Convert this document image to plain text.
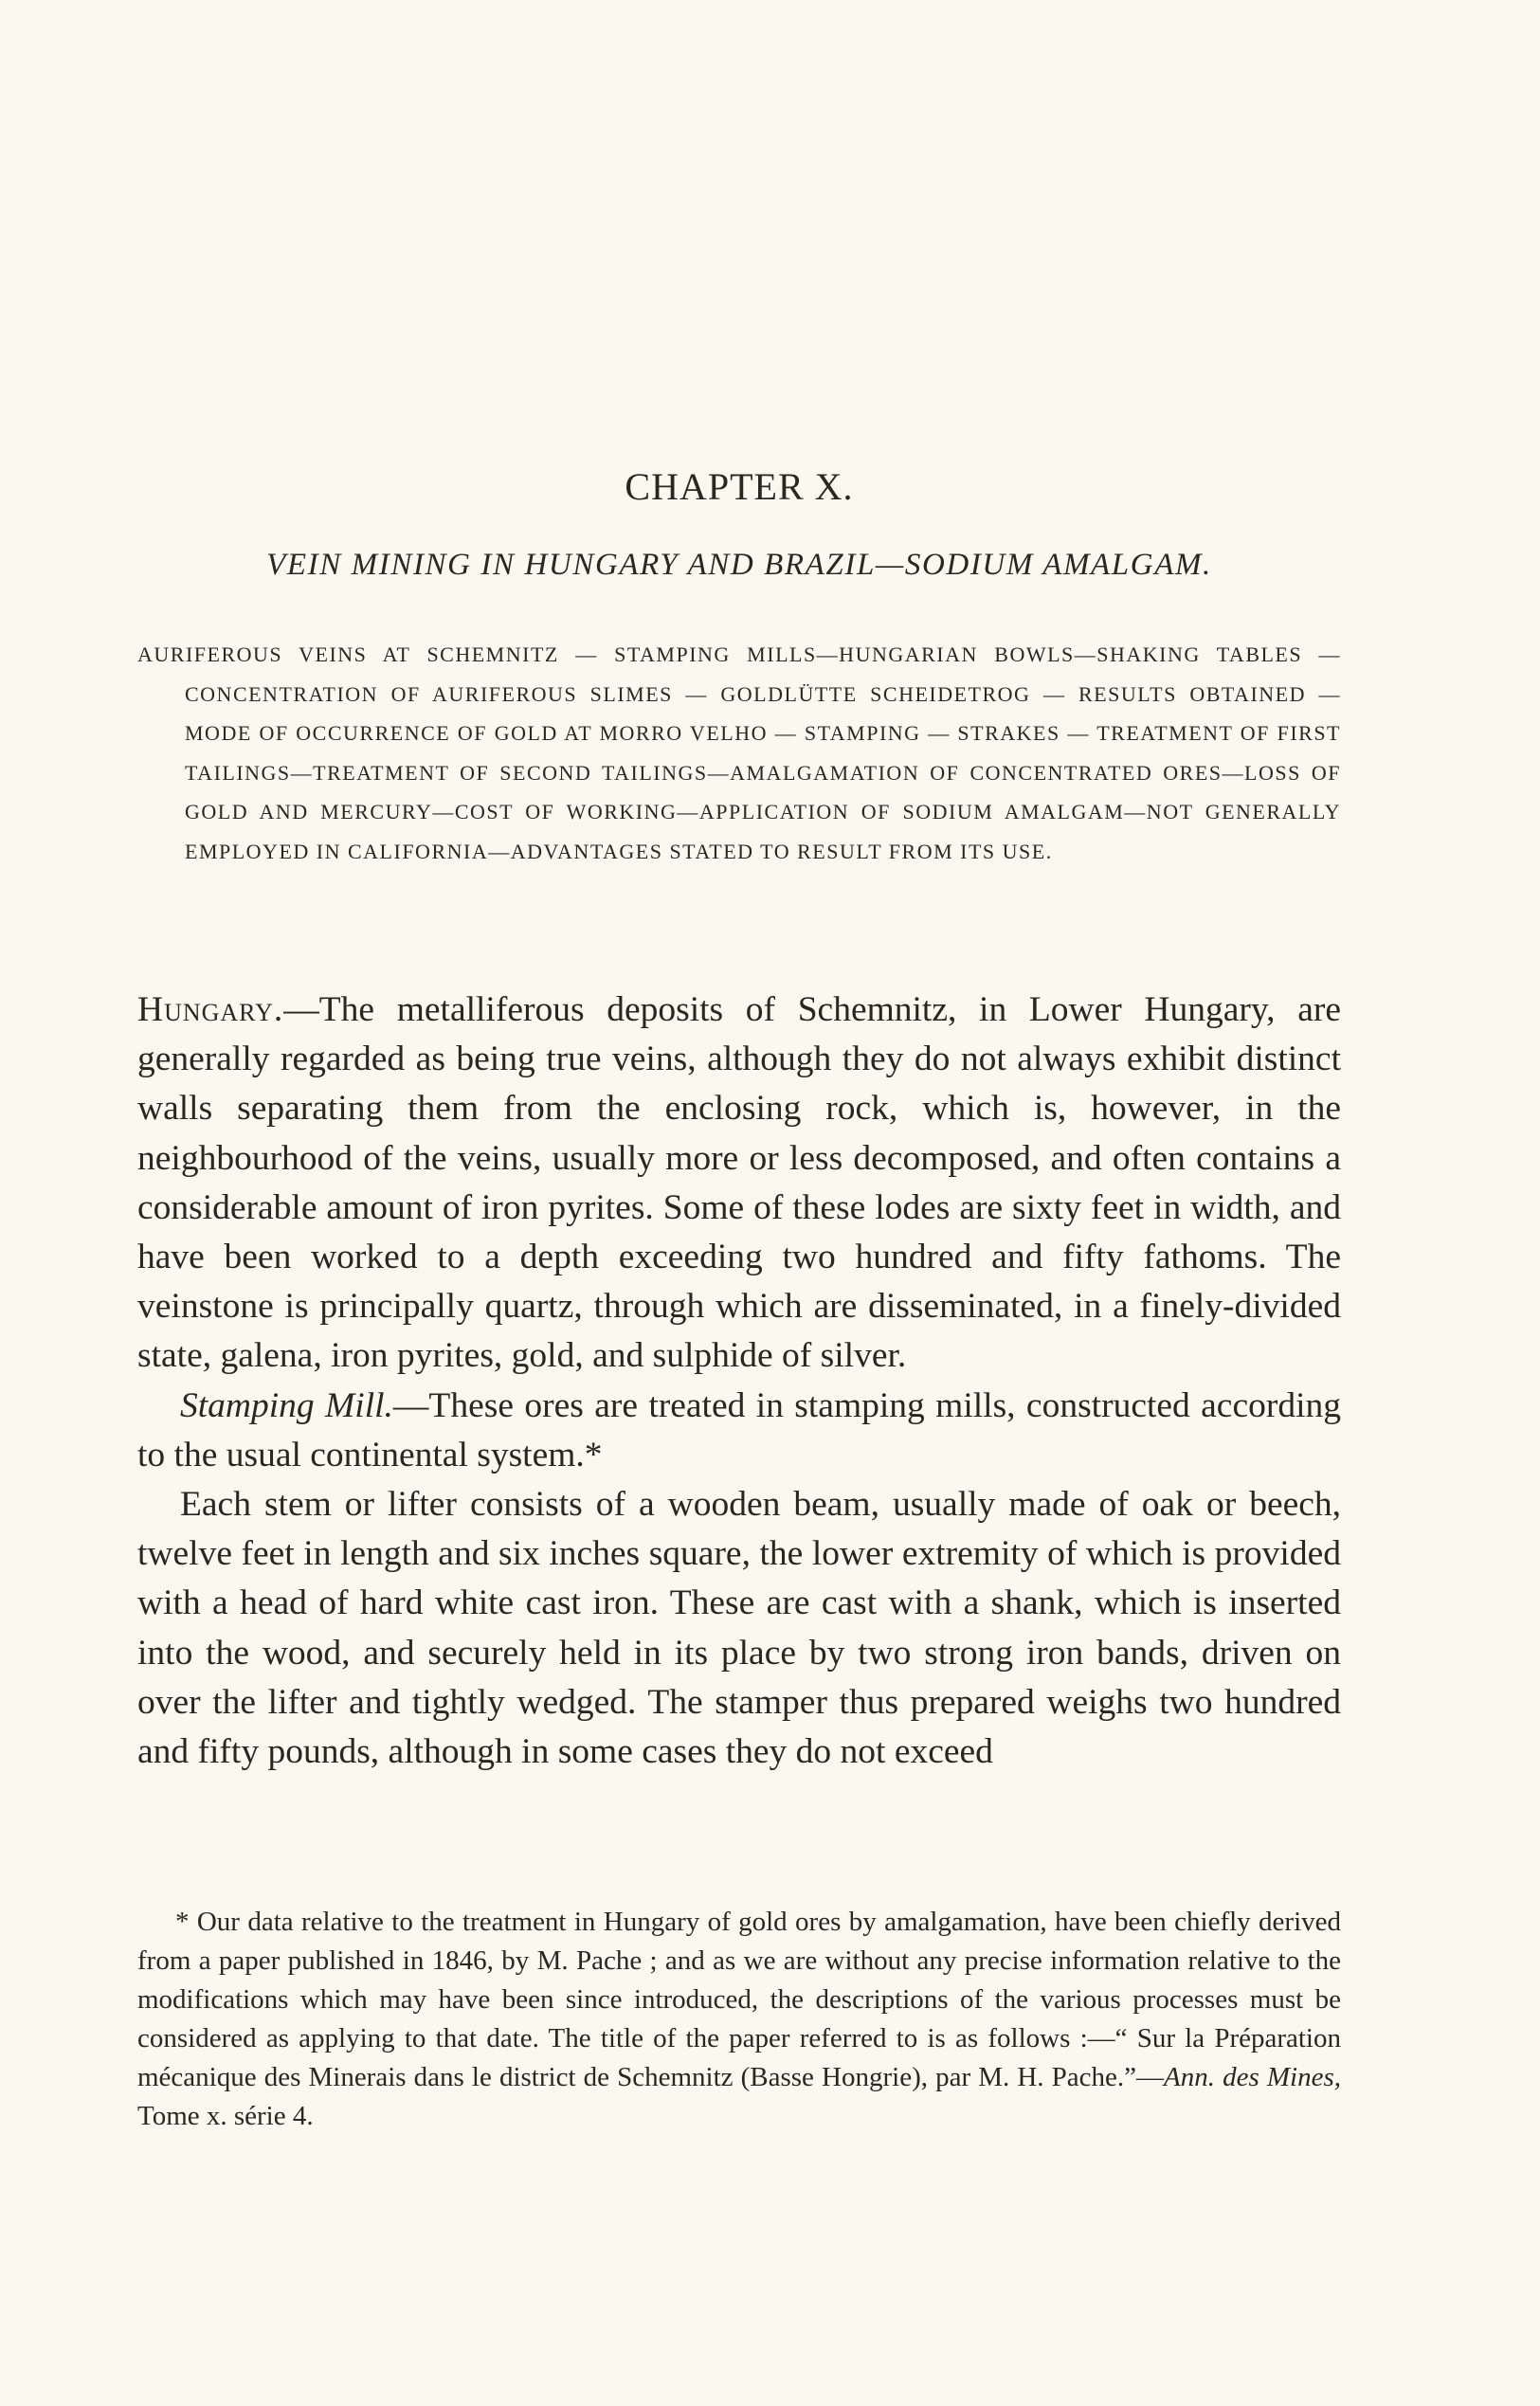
CHAPTER X.
VEIN MINING IN HUNGARY AND BRAZIL—SODIUM AMALGAM.
AURIFEROUS VEINS AT SCHEMNITZ — STAMPING MILLS—HUNGARIAN BOWLS—SHAKING TABLES — CONCENTRATION OF AURIFEROUS SLIMES — GOLDLÜTTE SCHEIDETROG — RESULTS OBTAINED — MODE OF OCCURRENCE OF GOLD AT MORRO VELHO — STAMPING — STRAKES — TREATMENT OF FIRST TAILINGS—TREATMENT OF SECOND TAILINGS—AMALGAMATION OF CONCENTRATED ORES—LOSS OF GOLD AND MERCURY—COST OF WORKING—APPLICATION OF SODIUM AMALGAM—NOT GENERALLY EMPLOYED IN CALIFORNIA—ADVANTAGES STATED TO RESULT FROM ITS USE.

Hungary.—The metalliferous deposits of Schemnitz, in Lower Hungary, are generally regarded as being true veins, although they do not always exhibit distinct walls separating them from the enclosing rock, which is, however, in the neighbourhood of the veins, usually more or less decomposed, and often contains a considerable amount of iron pyrites. Some of these lodes are sixty feet in width, and have been worked to a depth exceeding two hundred and fifty fathoms. The veinstone is principally quartz, through which are disseminated, in a finely-divided state, galena, iron pyrites, gold, and sulphide of silver.

Stamping Mill.—These ores are treated in stamping mills, constructed according to the usual continental system.*

Each stem or lifter consists of a wooden beam, usually made of oak or beech, twelve feet in length and six inches square, the lower extremity of which is provided with a head of hard white cast iron. These are cast with a shank, which is inserted into the wood, and securely held in its place by two strong iron bands, driven on over the lifter and tightly wedged. The stamper thus prepared weighs two hundred and fifty pounds, although in some cases they do not exceed

* Our data relative to the treatment in Hungary of gold ores by amalgamation, have been chiefly derived from a paper published in 1846, by M. Pache ; and as we are without any precise information relative to the modifications which may have been since introduced, the descriptions of the various processes must be considered as applying to that date. The title of the paper referred to is as follows :—“ Sur la Préparation mécanique des Minerais dans le district de Schemnitz (Basse Hongrie), par M. H. Pache.”—Ann. des Mines, Tome x. série 4.
